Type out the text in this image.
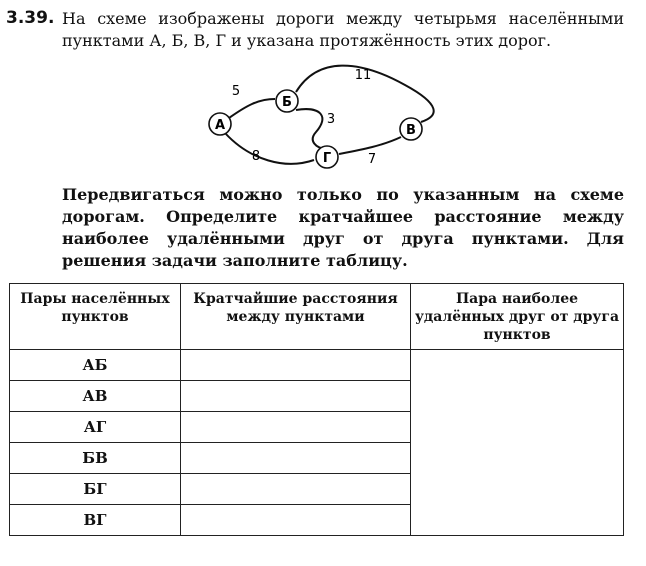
3.39. На схеме изображены дороги между четырьмя населёнными пунктами А, Б, В, Г и указана протяжённость этих дорог.

А
Б
В
Г
5
11
3
8	7

Передвигаться можно только по указанным на схеме дорогам. Определите кратчайшее расстояние между наиболее удалёнными друг от друга пунктами. Для решения задачи заполните таблицу.

Пары населённых пунктов	Кратчайшие расстояния между пунктами	Пара наиболее удалённых друг от друга пунктов
АБ		
АВ		
АГ		
БВ		
БГ		
ВГ		
